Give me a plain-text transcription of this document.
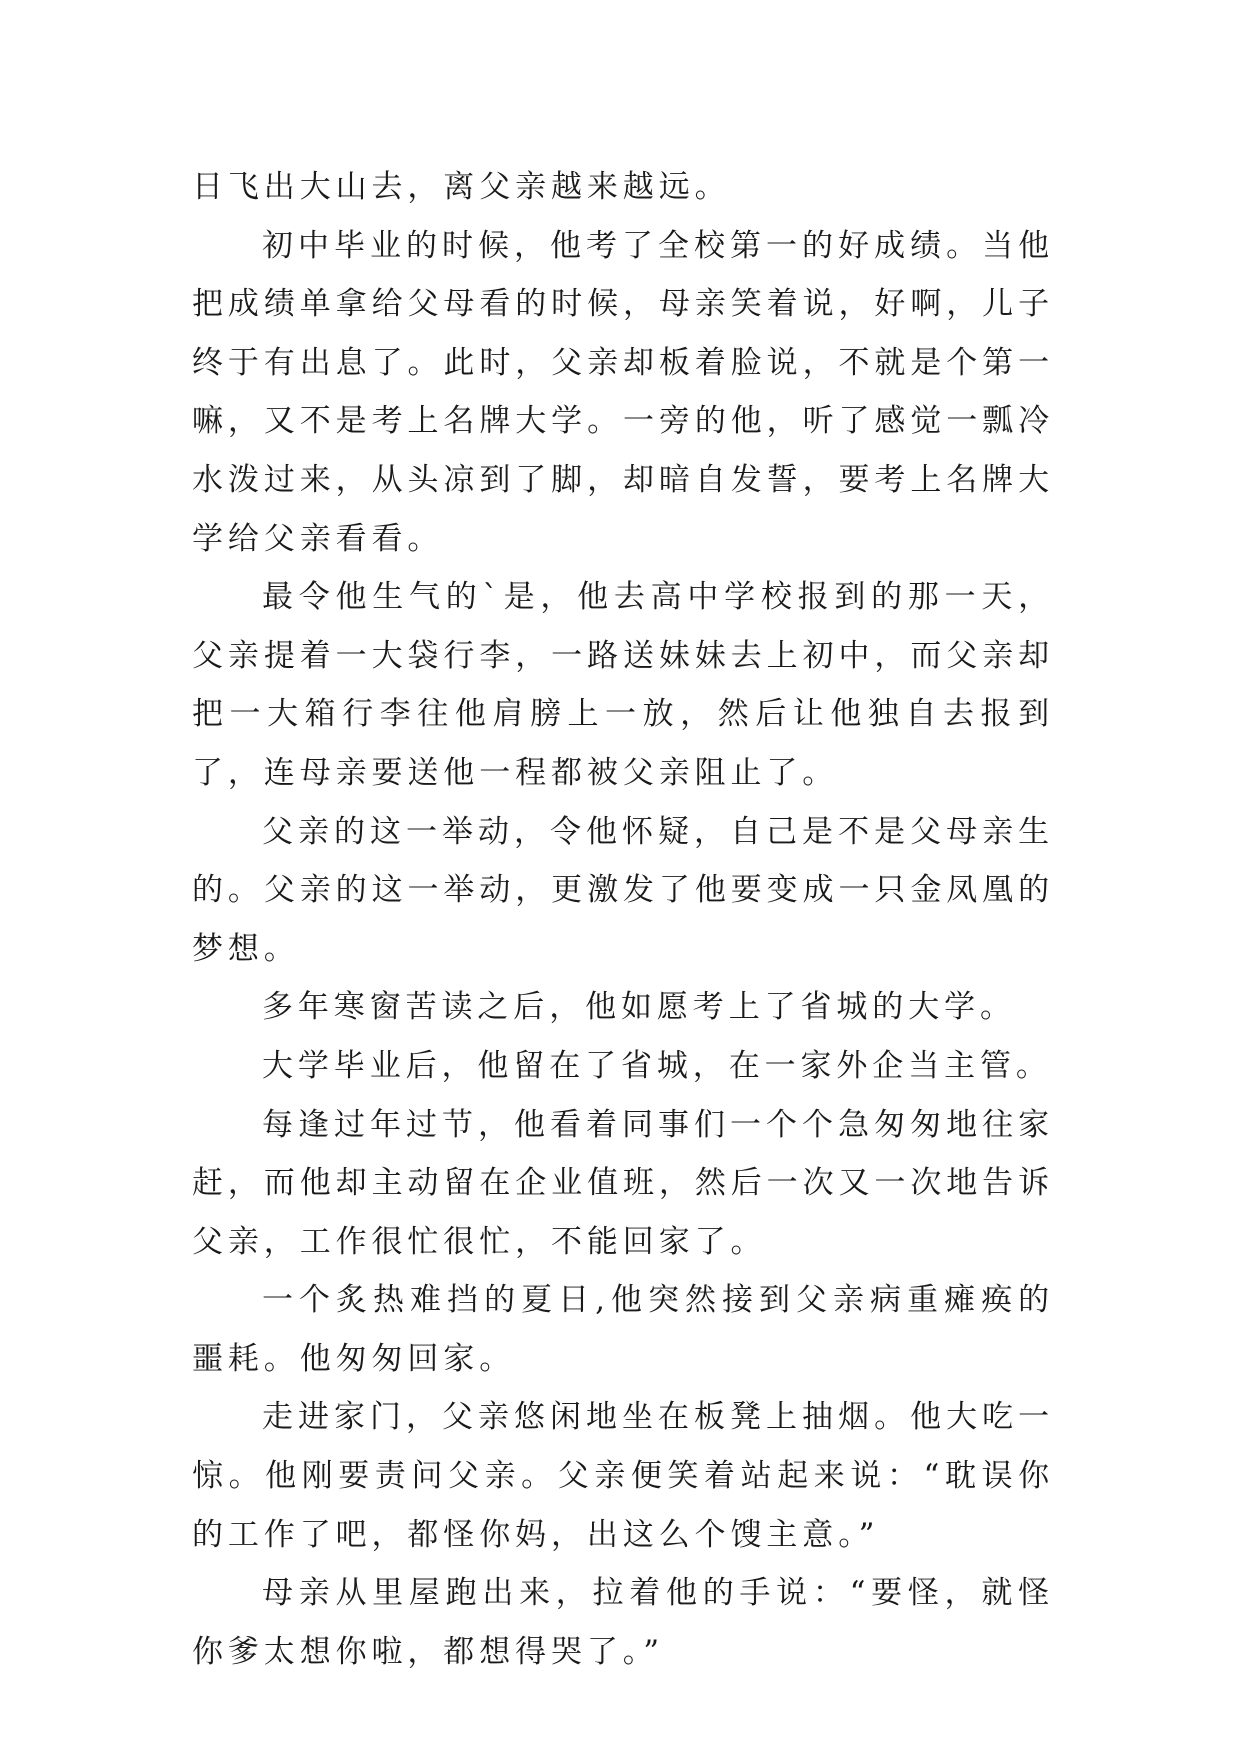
日飞出大山去，离父亲越来越远。

初中毕业的时候，他考了全校第一的好成绩。当他把成绩单拿给父母看的时候，母亲笑着说，好啊，儿子终于有出息了。此时，父亲却板着脸说，不就是个第一嘛，又不是考上名牌大学。一旁的他，听了感觉一瓢冷水泼过来，从头凉到了脚，却暗自发誓，要考上名牌大学给父亲看看。

最令他生气的`是，他去高中学校报到的那一天，父亲提着一大袋行李，一路送妹妹去上初中，而父亲却把一大箱行李往他肩膀上一放，然后让他独自去报到了，连母亲要送他一程都被父亲阻止了。

父亲的这一举动，令他怀疑，自己是不是父母亲生的。父亲的这一举动，更激发了他要变成一只金凤凰的梦想。

多年寒窗苦读之后，他如愿考上了省城的大学。

大学毕业后，他留在了省城，在一家外企当主管。

每逢过年过节，他看着同事们一个个急匆匆地往家赶，而他却主动留在企业值班，然后一次又一次地告诉父亲，工作很忙很忙，不能回家了。

一个炙热难挡的夏日,他突然接到父亲病重瘫痪的噩耗。他匆匆回家。

走进家门，父亲悠闲地坐在板凳上抽烟。他大吃一惊。他刚要责问父亲。父亲便笑着站起来说：“耽误你的工作了吧，都怪你妈，出这么个馊主意。”

母亲从里屋跑出来，拉着他的手说：“要怪，就怪你爹太想你啦，都想得哭了。”
